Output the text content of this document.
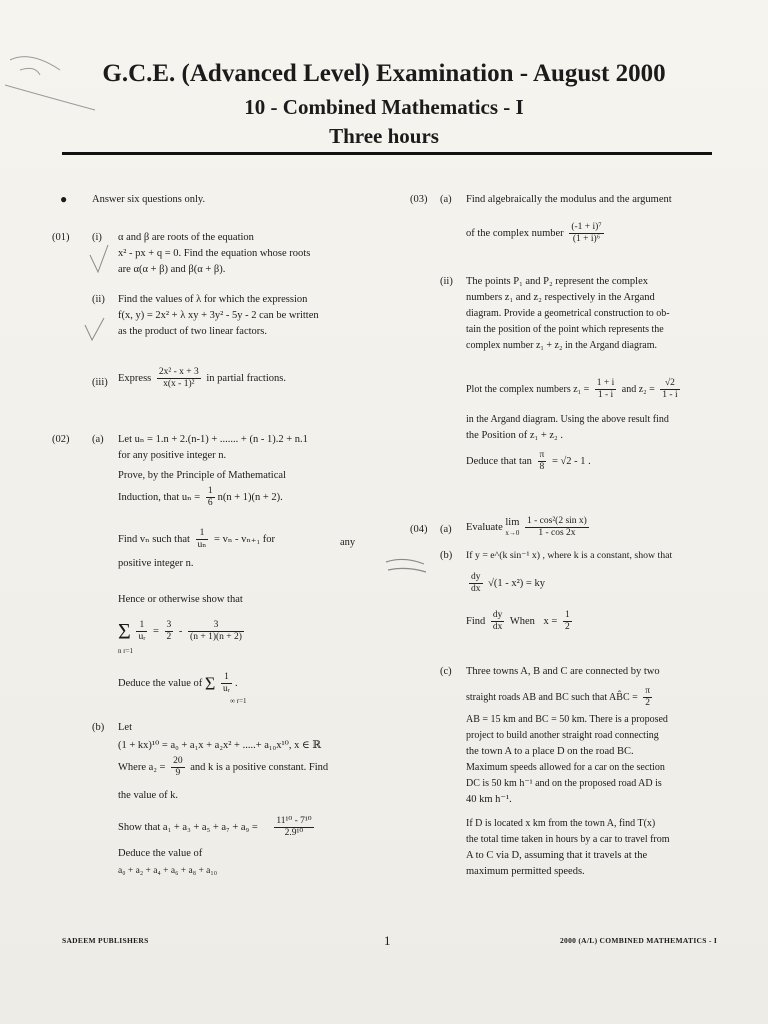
G.C.E. (Advanced Level) Examination - August 2000
10 - Combined Mathematics - I
Three hours
● Answer six questions only.
(01) (i) α and β are roots of the equation
x² - px + q = 0. Find the equation whose roots
are α(α + β) and β(α + β).
(ii) Find the values of λ for which the expression
f(x, y) = 2x² + λ xy + 3y² - 5y - 2 can be written
as the product of two linear factors.
(iii) Express $\frac{\text{2x² - x + 3}}{\text{x(x - 1)²}}$ in partial fractions.
(02) (a) Let uₙ = 1.n + 2.(n-1) + ....... + (n - 1).2 + n.1
for any positive integer n.
Prove, by the Principle of Mathematical
Induction, that $u_n = \frac{1}{6} n(n + 1)(n + 2)$.
Find vₙ such that $\frac{1}{\text{uₙ}} = v_n - v_{n+1}$ for	any
positive integer n.
Hence or otherwise show that
Σ $\frac{1}{\text{uᵣ}} = \frac{3}{2} - \frac{3}{(n + 1)(n + 2)}$
n r=1
Deduce the value of Σ $\frac{1}{\text{uᵣ}}$ .
∞ r=1
(b) Let
(1 + kx)¹⁰ = a₀ + a₁x + a₂x² + .....+ a₁₀x¹⁰, x ∈ ℝ
Where $a_2 = \frac{20}{9}$ and k is a positive constant. Find
the value of k.
Show that $a_1 + a_3 + a_5 + a_7 + a_9 = \frac{\text{11¹⁰ - 7¹⁰}}{\text{2.9¹⁰}}$
Deduce the value of
a₀ + a₂ + a₄ + a₆ + a₈ + a₁₀
(03) (a) Find algebraically the modulus and the argument
of the complex number $\frac{\text{(-1 + i)⁷}}{\text{(1 + i)⁶}}$
(ii) The points P₁ and P₂ represent the complex
numbers z₁ and z₂ respectively in the Argand
diagram. Provide a geometrical construction to ob-
tain the position of the point which represents the
complex number z₁ + z₂ in the Argand diagram.
Plot the complex numbers $z_1 = \frac{1 + i}{1 - i}$ and $z_2 = \frac{√2}{1 - i}$
in the Argand diagram. Using the above result find
the Position of z₁ + z₂ .
Deduce that $\tan \frac{\pi}{8} = √2 - 1$ .
(04) (a) Evaluate lim
$x\to 0 \frac{\text{1 - cos²(2 sin x)}}{1 - \cos 2x}$
(b) If y = e^(k sin⁻¹ x) , where k is a constant, show that
$\frac{dy}{dx} √(1 - x^2)$ = ky
Find $\frac{dy}{dx}$ When $x = \frac{1}{2}$
(c) Three towns A, B and C are connected by two
straight roads AB and BC such that AB̂C = $\frac{\pi}{2}$
AB = 15 km and BC = 50 km. There is a proposed
project to build another straight road connecting
the town A to a place D on the road BC.
Maximum speeds allowed for a car on the section
DC is 50 km h⁻¹ and on the proposed road AD is
40 km h⁻¹.
If D is located x km from the town A, find T(x)
the total time taken in hours by a car to travel from
A to C via D, assuming that it travels at the
maximum permitted speeds.
SADEEM PUBLISHERS	1	2000 (A/L) COMBINED MATHEMATICS - I
